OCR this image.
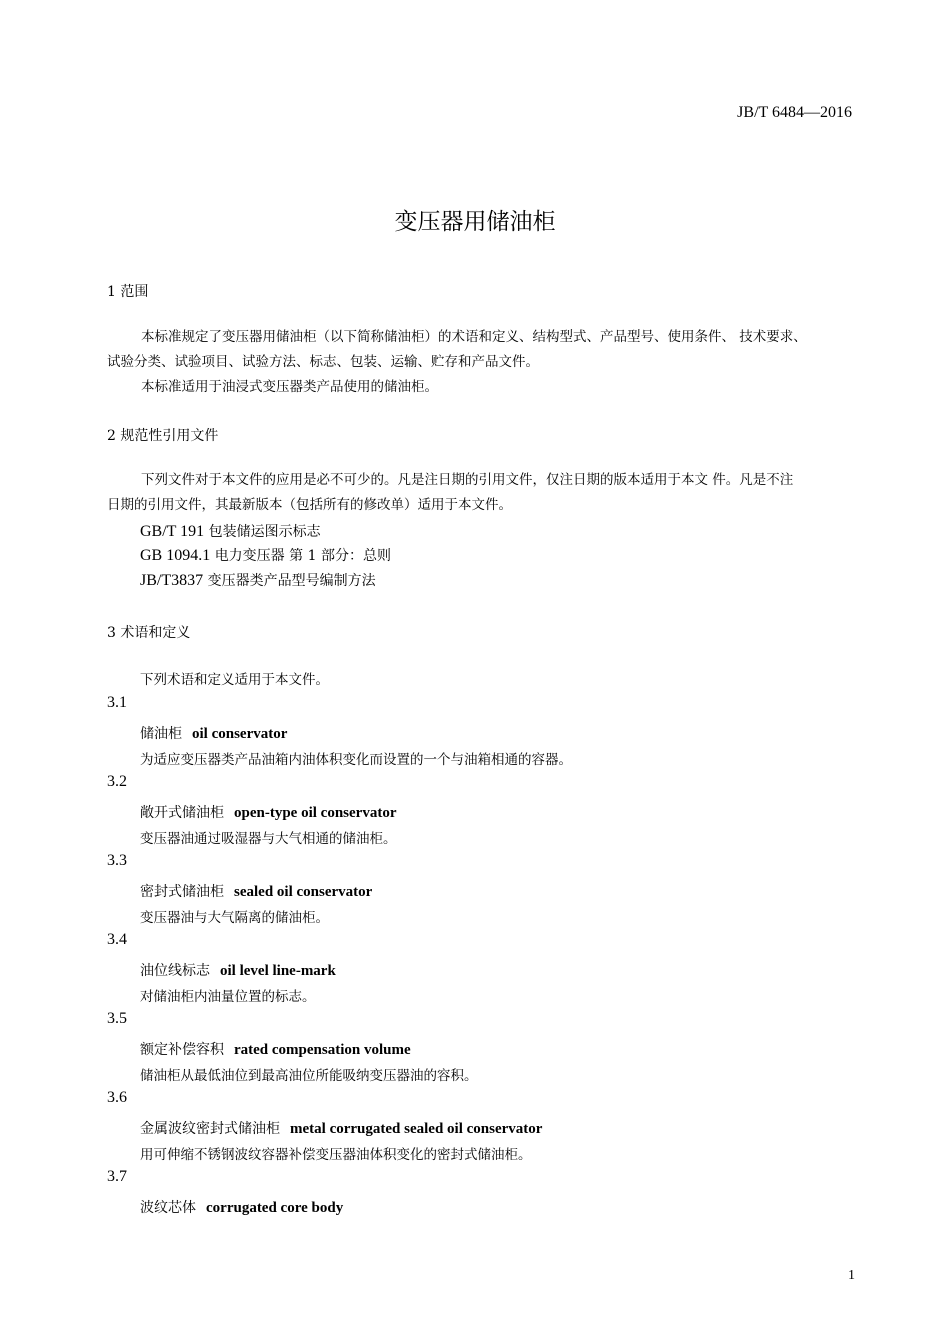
JB/T 6484—2016
变压器用储油柜
1 范围
本标准规定了变压器用储油柜（以下简称储油柜）的术语和定义、结构型式、产品型号、使用条件、 技术要求、
试验分类、试验项目、试验方法、标志、包装、运输、贮存和产品文件。
本标准适用于油浸式变压器类产品使用的储油柜。
2 规范性引用文件
下列文件对于本文件的应用是必不可少的。凡是注日期的引用文件，仅注日期的版本适用于本文 件。凡是不注
日期的引用文件，其最新版本（包括所有的修改单）适用于本文件。
GB/T 191 包装储运图示标志
GB 1094.1 电力变压器 第 1 部分：总则
JB/T3837 变压器类产品型号编制方法
3 术语和定义
下列术语和定义适用于本文件。
3.1
储油柜 oil conservator
为适应变压器类产品油箱内油体积变化而设置的一个与油箱相通的容器。
3.2
敞开式储油柜 open-type oil conservator
变压器油通过吸湿器与大气相通的储油柜。
3.3
密封式储油柜 sealed oil conservator
变压器油与大气隔离的储油柜。
3.4
油位线标志 oil level line-mark
对储油柜内油量位置的标志。
3.5
额定补偿容积 rated compensation volume
储油柜从最低油位到最高油位所能吸纳变压器油的容积。
3.6
金属波纹密封式储油柜 metal corrugated sealed oil conservator
用可伸缩不锈钢波纹容器补偿变压器油体积变化的密封式储油柜。
3.7
波纹芯体 corrugated core body
1
